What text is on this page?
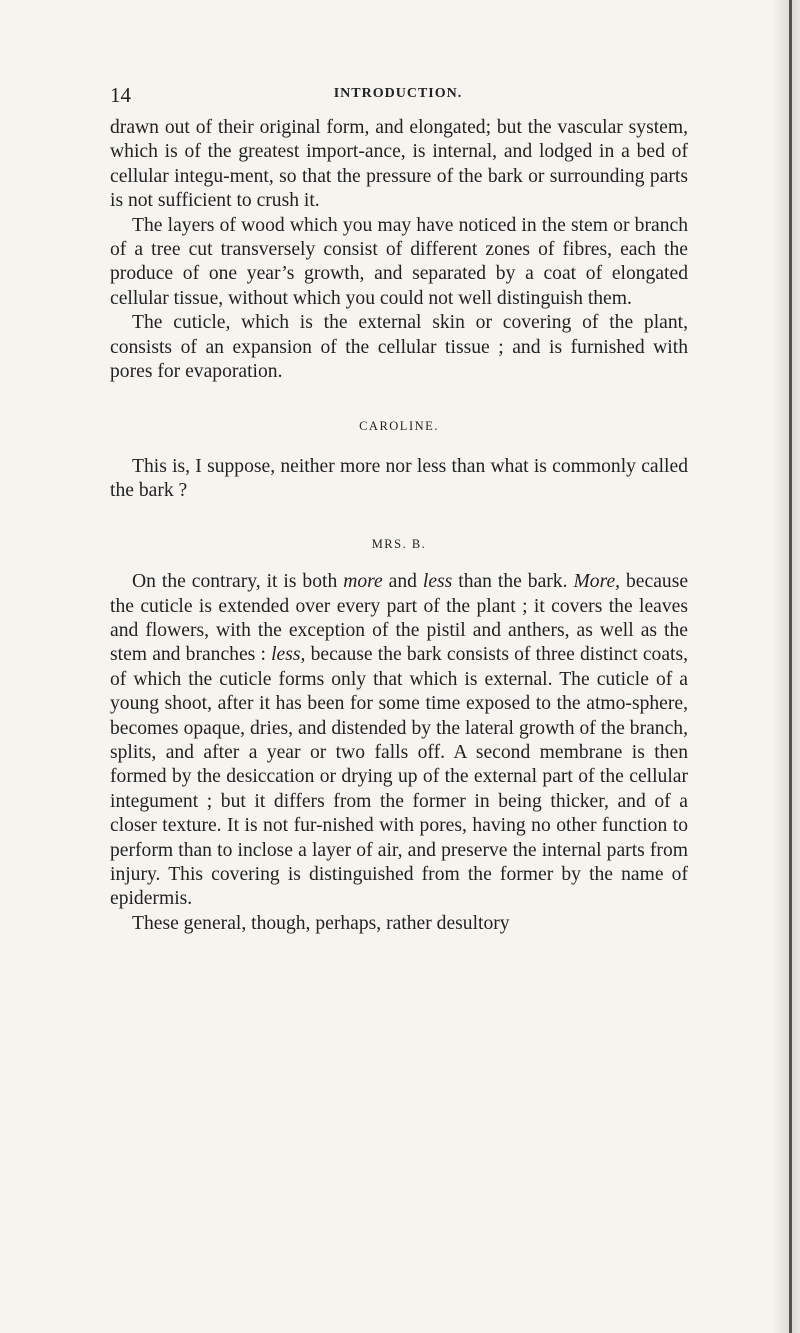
14	INTRODUCTION.

drawn out of their original form, and elongated; but the vascular system, which is of the greatest import-ance, is internal, and lodged in a bed of cellular integu-ment, so that the pressure of the bark or surrounding parts is not sufficient to crush it.

The layers of wood which you may have noticed in the stem or branch of a tree cut transversely consist of different zones of fibres, each the produce of one year’s growth, and separated by a coat of elongated cellular tissue, without which you could not well distinguish them.

The cuticle, which is the external skin or covering of the plant, consists of an expansion of the cellular tissue ; and is furnished with pores for evaporation.

CAROLINE.

This is, I suppose, neither more nor less than what is commonly called the bark ?

MRS. B.

On the contrary, it is both more and less than the bark. More, because the cuticle is extended over every part of the plant ; it covers the leaves and flowers, with the exception of the pistil and anthers, as well as the stem and branches : less, because the bark consists of three distinct coats, of which the cuticle forms only that which is external. The cuticle of a young shoot, after it has been for some time exposed to the atmo-sphere, becomes opaque, dries, and distended by the lateral growth of the branch, splits, and after a year or two falls off. A second membrane is then formed by the desiccation or drying up of the external part of the cellular integument ; but it differs from the former in being thicker, and of a closer texture. It is not fur-nished with pores, having no other function to perform than to inclose a layer of air, and preserve the internal parts from injury. This covering is distinguished from the former by the name of epidermis.

These general, though, perhaps, rather desultory
